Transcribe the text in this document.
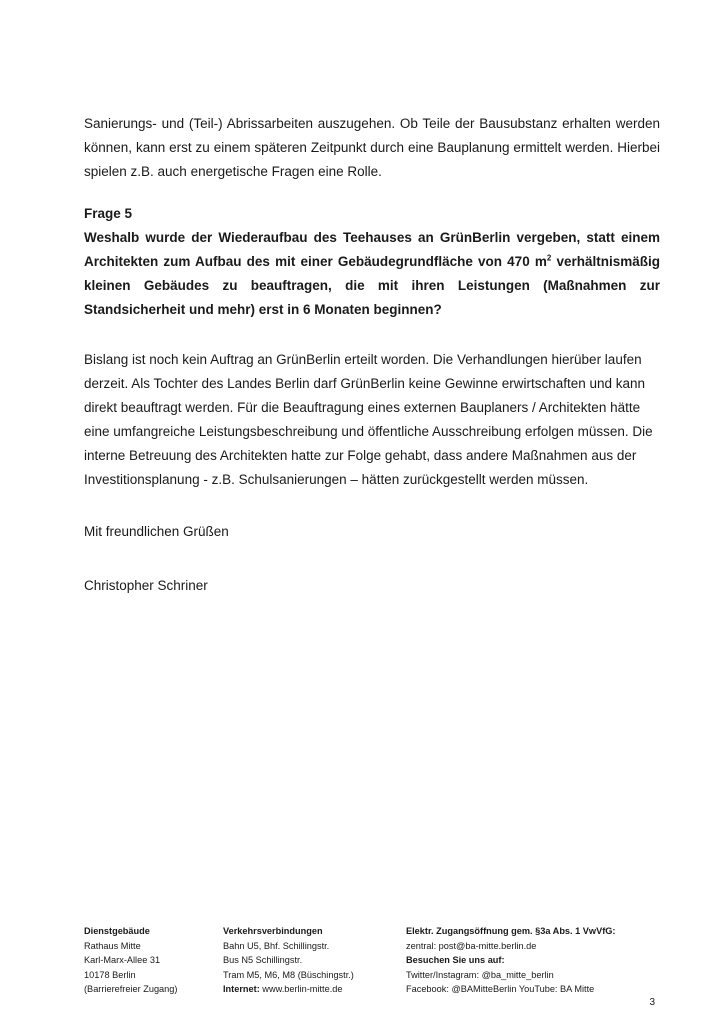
Sanierungs- und (Teil-) Abrissarbeiten auszugehen. Ob Teile der Bausubstanz erhalten werden können, kann erst zu einem späteren Zeitpunkt durch eine Bauplanung ermittelt werden. Hierbei spielen z.B. auch energetische Fragen eine Rolle.

Frage 5

Weshalb wurde der Wiederaufbau des Teehauses an GrünBerlin vergeben, statt einem Architekten zum Aufbau des mit einer Gebäudegrundfläche von 470 $m^2$ verhältnismäßig kleinen Gebäudes zu beauftragen, die mit ihren Leistungen (Maßnahmen zur Standsicherheit und mehr) erst in 6 Monaten beginnen?

Bislang ist noch kein Auftrag an GrünBerlin erteilt worden. Die Verhandlungen hierüber laufen derzeit. Als Tochter des Landes Berlin darf GrünBerlin keine Gewinne erwirtschaften und kann direkt beauftragt werden. Für die Beauftragung eines externen Bauplaners / Architekten hätte eine umfangreiche Leistungsbeschreibung und öffentliche Ausschreibung erfolgen müssen. Die interne Betreuung des Architekten hatte zur Folge gehabt, dass andere Maßnahmen aus der Investitionsplanung - z.B. Schulsanierungen – hätten zurückgestellt werden müssen.

Mit freundlichen Grüßen

Christopher Schriner

Dienstgebäude
Rathaus Mitte
Karl-Marx-Allee 31
10178 Berlin
(Barrierefreier Zugang)
Verkehrsverbindungen
Bahn U5, Bhf. Schillingstr.
Bus N5 Schillingstr.
Tram M5, M6, M8 (Büschingstr.)
Internet: www.berlin-mitte.de
Elektr. Zugangsöffnung gem. §3a Abs. 1 VwVfG:
zentral: post@ba-mitte.berlin.de
Besuchen Sie uns auf:
Twitter/Instagram: @ba_mitte_berlin
Facebook: @BAMitteBerlin YouTube: BA Mitte
3
